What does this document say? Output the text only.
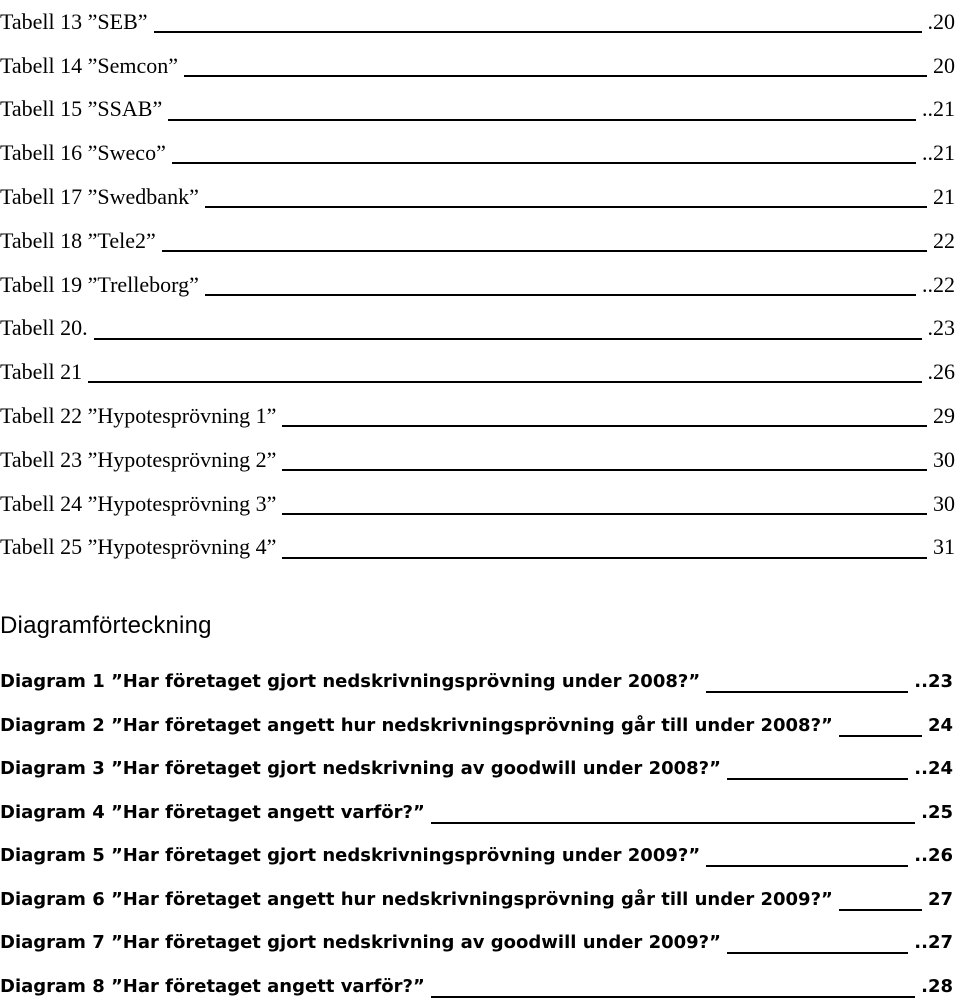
Tabell 13 ”SEB”	.20
Tabell 14 ”Semcon”	20
Tabell 15 ”SSAB”	..21
Tabell 16 ”Sweco”	..21
Tabell 17 ”Swedbank”	21
Tabell 18 ”Tele2”	22
Tabell 19 ”Trelleborg”	..22
Tabell 20.	.23
Tabell 21	.26
Tabell 22 ”Hypotesprövning 1”	29
Tabell 23 ”Hypotesprövning 2”	30
Tabell 24 ”Hypotesprövning 3”	30
Tabell 25 ”Hypotesprövning 4”	31
Diagramförteckning
Diagram 1 ”Har företaget gjort nedskrivningsprövning under 2008?”	..23
Diagram 2 ”Har företaget angett hur nedskrivningsprövning går till under 2008?”	24
Diagram 3 ”Har företaget gjort nedskrivning av goodwill under 2008?”	..24
Diagram 4 ”Har företaget angett varför?”	.25
Diagram 5 ”Har företaget gjort nedskrivningsprövning under 2009?”	..26
Diagram 6 ”Har företaget angett hur nedskrivningsprövning går till under 2009?”	27
Diagram 7 ”Har företaget gjort nedskrivning av goodwill under 2009?”	..27
Diagram 8 ”Har företaget angett varför?”	.28
